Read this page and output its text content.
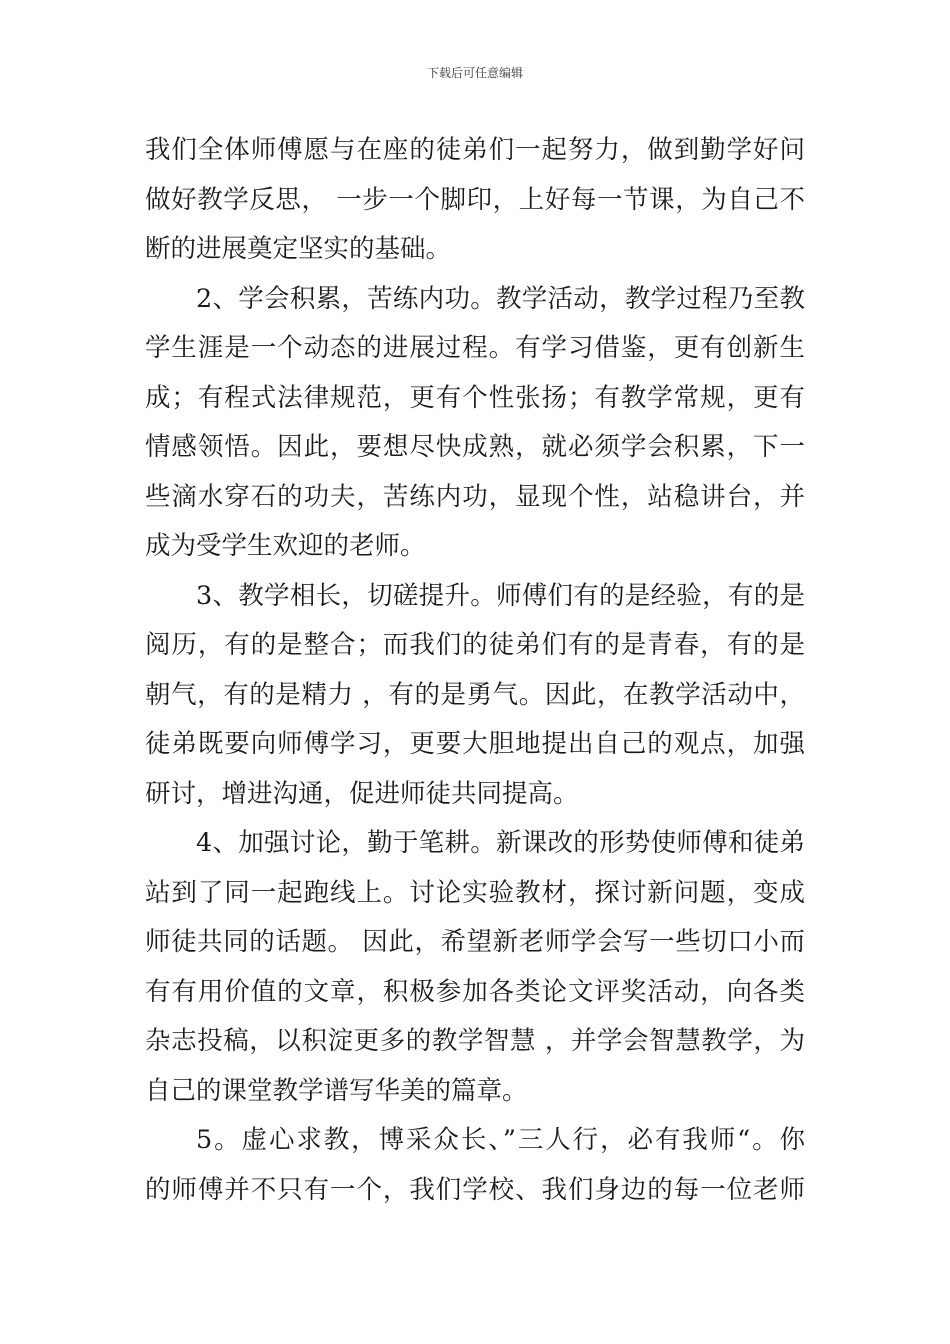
下载后可任意编辑
我们全体师傅愿与在座的徒弟们一起努力，做到勤学好问
做好教学反思， 一步一个脚印，上好每一节课，为自己不
断的进展奠定坚实的基础。
2、学会积累，苦练内功。教学活动，教学过程乃至教
学生涯是一个动态的进展过程。有学习借鉴，更有创新生
成；有程式法律规范，更有个性张扬；有教学常规，更有
情感领悟。因此，要想尽快成熟，就必须学会积累，下一
些滴水穿石的功夫，苦练内功，显现个性，站稳讲台，并
成为受学生欢迎的老师。
3、教学相长，切磋提升。师傅们有的是经验，有的是
阅历，有的是整合；而我们的徒弟们有的是青春，有的是
朝气，有的是精力 ，有的是勇气。因此，在教学活动中，
徒弟既要向师傅学习，更要大胆地提出自己的观点，加强
研讨，增进沟通，促进师徒共同提高。
4、加强讨论，勤于笔耕。新课改的形势使师傅和徒弟
站到了同一起跑线上。讨论实验教材，探讨新问题，变成
师徒共同的话题。 因此，希望新老师学会写一些切口小而
有有用价值的文章，积极参加各类论文评奖活动，向各类
杂志投稿，以积淀更多的教学智慧 ，并学会智慧教学，为
自己的课堂教学谱写华美的篇章。
5。虚心求教，博采众长、”三人行，必有我师“。你
的师傅并不只有一个，我们学校、我们身边的每一位老师
